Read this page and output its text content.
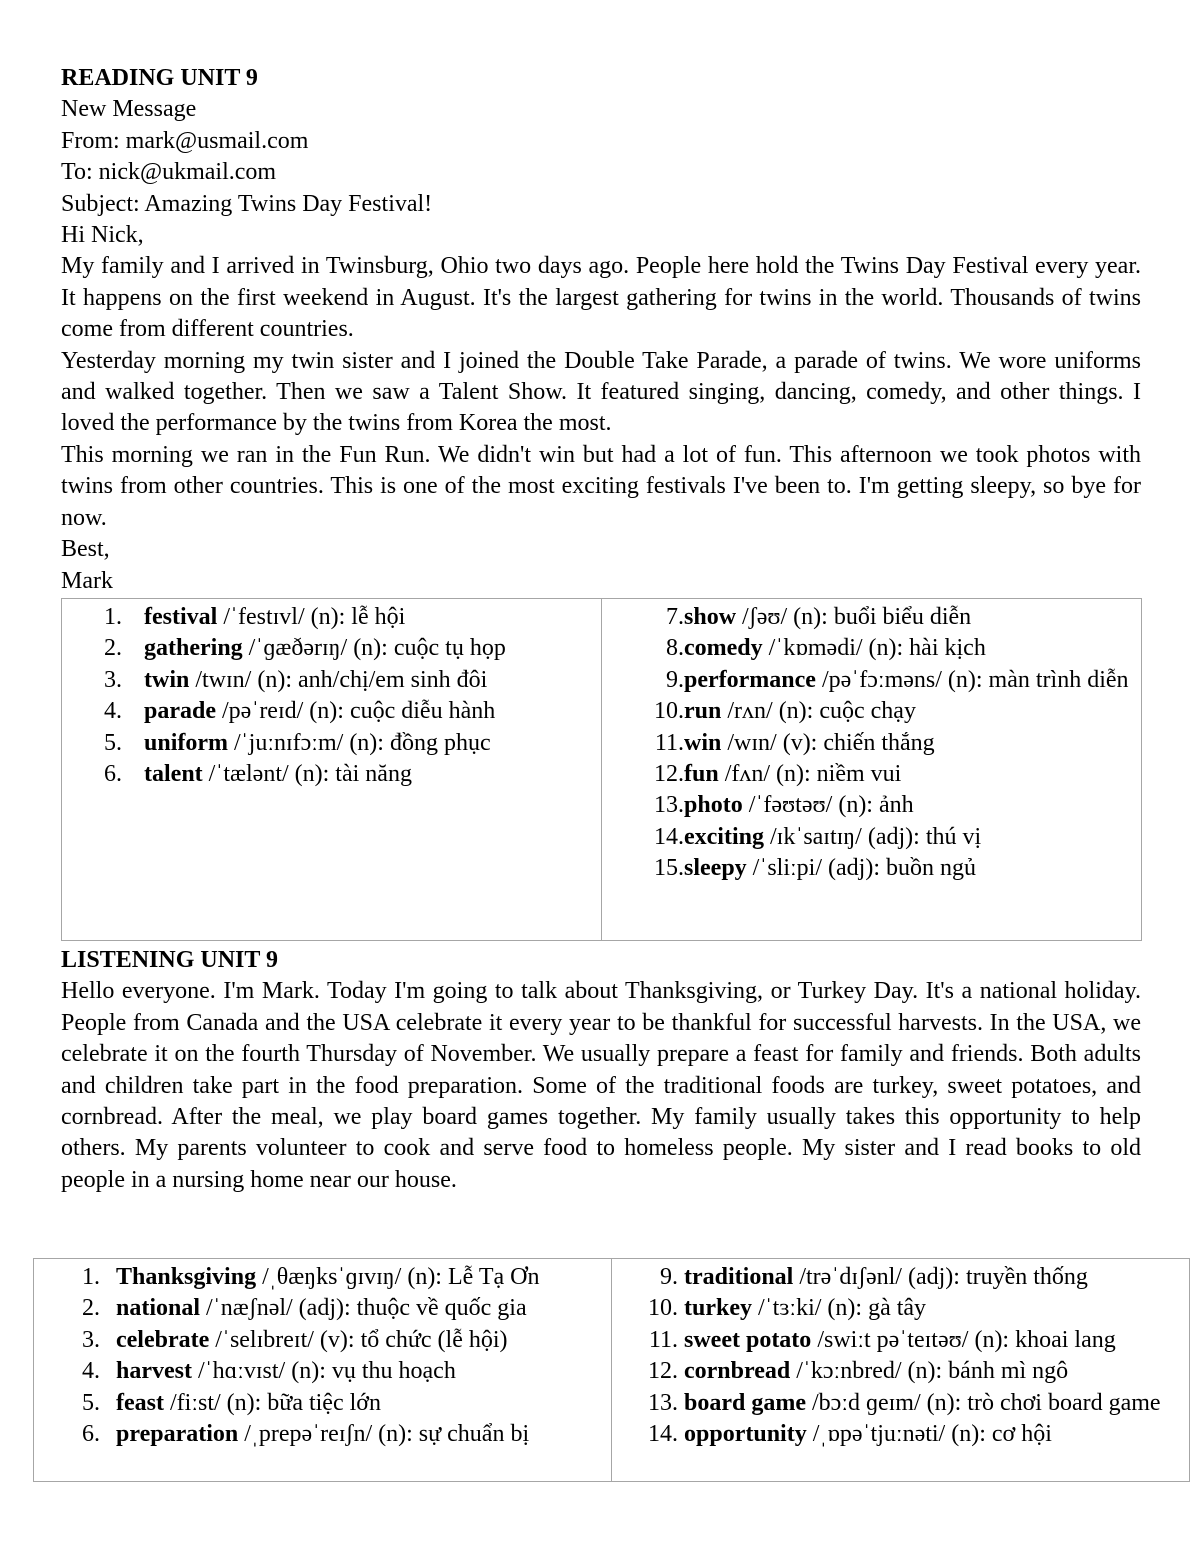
READING UNIT 9
New Message
From: mark@usmail.com
To: nick@ukmail.com
Subject: Amazing Twins Day Festival!
Hi Nick,

My family and I arrived in Twinsburg, Ohio two days ago. People here hold the Twins Day Festival every year. It happens on the first weekend in August. It's the largest gathering for twins in the world. Thousands of twins come from different countries.

Yesterday morning my twin sister and I joined the Double Take Parade, a parade of twins. We wore uniforms and walked together. Then we saw a Talent Show. It featured singing, dancing, comedy, and other things. I loved the performance by the twins from Korea the most.

This morning we ran in the Fun Run. We didn't win but had a lot of fun. This afternoon we took photos with twins from other countries. This is one of the most exciting festivals I've been to. I'm getting sleepy, so bye for now.

Best,
Mark
1. festival /ˈfestɪvl/ (n): lễ hội
2. gathering /ˈɡæðərɪŋ/ (n): cuộc tụ họp
3. twin /twɪn/ (n): anh/chị/em sinh đôi
4. parade /pəˈreɪd/ (n): cuộc diễu hành
5. uniform /ˈjuːnɪfɔːm/ (n): đồng phục
6. talent /ˈtælənt/ (n): tài năng

7. show /ʃəʊ/ (n): buổi biểu diễn
8. comedy /ˈkɒmədi/ (n): hài kịch
9. performance /pəˈfɔːməns/ (n): màn trình diễn
10. run /rʌn/ (n): cuộc chạy
11. win /wɪn/ (v): chiến thắng
12. fun /fʌn/ (n): niềm vui
13. photo /ˈfəʊtəʊ/ (n): ảnh
14. exciting /ɪkˈsaɪtɪŋ/ (adj): thú vị
15. sleepy /ˈsliːpi/ (adj): buồn ngủ
LISTENING UNIT 9

Hello everyone. I'm Mark. Today I'm going to talk about Thanksgiving, or Turkey Day. It's a national holiday. People from Canada and the USA celebrate it every year to be thankful for successful harvests. In the USA, we celebrate it on the fourth Thursday of November. We usually prepare a feast for family and friends. Both adults and children take part in the food preparation. Some of the traditional foods are turkey, sweet potatoes, and cornbread. After the meal, we play board games together. My family usually takes this opportunity to help others. My parents volunteer to cook and serve food to homeless people. My sister and I read books to old people in a nursing home near our house.

1. Thanksgiving /ˌθæŋksˈɡɪvɪŋ/ (n): Lễ Tạ Ơn
2. national /ˈnæʃnəl/ (adj): thuộc về quốc gia
3. celebrate /ˈselɪbreɪt/ (v): tổ chức (lễ hội)
4. harvest /ˈhɑːvɪst/ (n): vụ thu hoạch
5. feast /fiːst/ (n): bữa tiệc lớn
6. preparation /ˌprepəˈreɪʃn/ (n): sự chuẩn bị

9. traditional /trəˈdɪʃənl/ (adj): truyền thống
10. turkey /ˈtɜːki/ (n): gà tây
11. sweet potato /swiːt pəˈteɪtəʊ/ (n): khoai lang
12. cornbread /ˈkɔːnbred/ (n): bánh mì ngô
13. board game /bɔːd ɡeɪm/ (n): trò chơi board game
14. opportunity /ˌɒpəˈtjuːnəti/ (n): cơ hội
